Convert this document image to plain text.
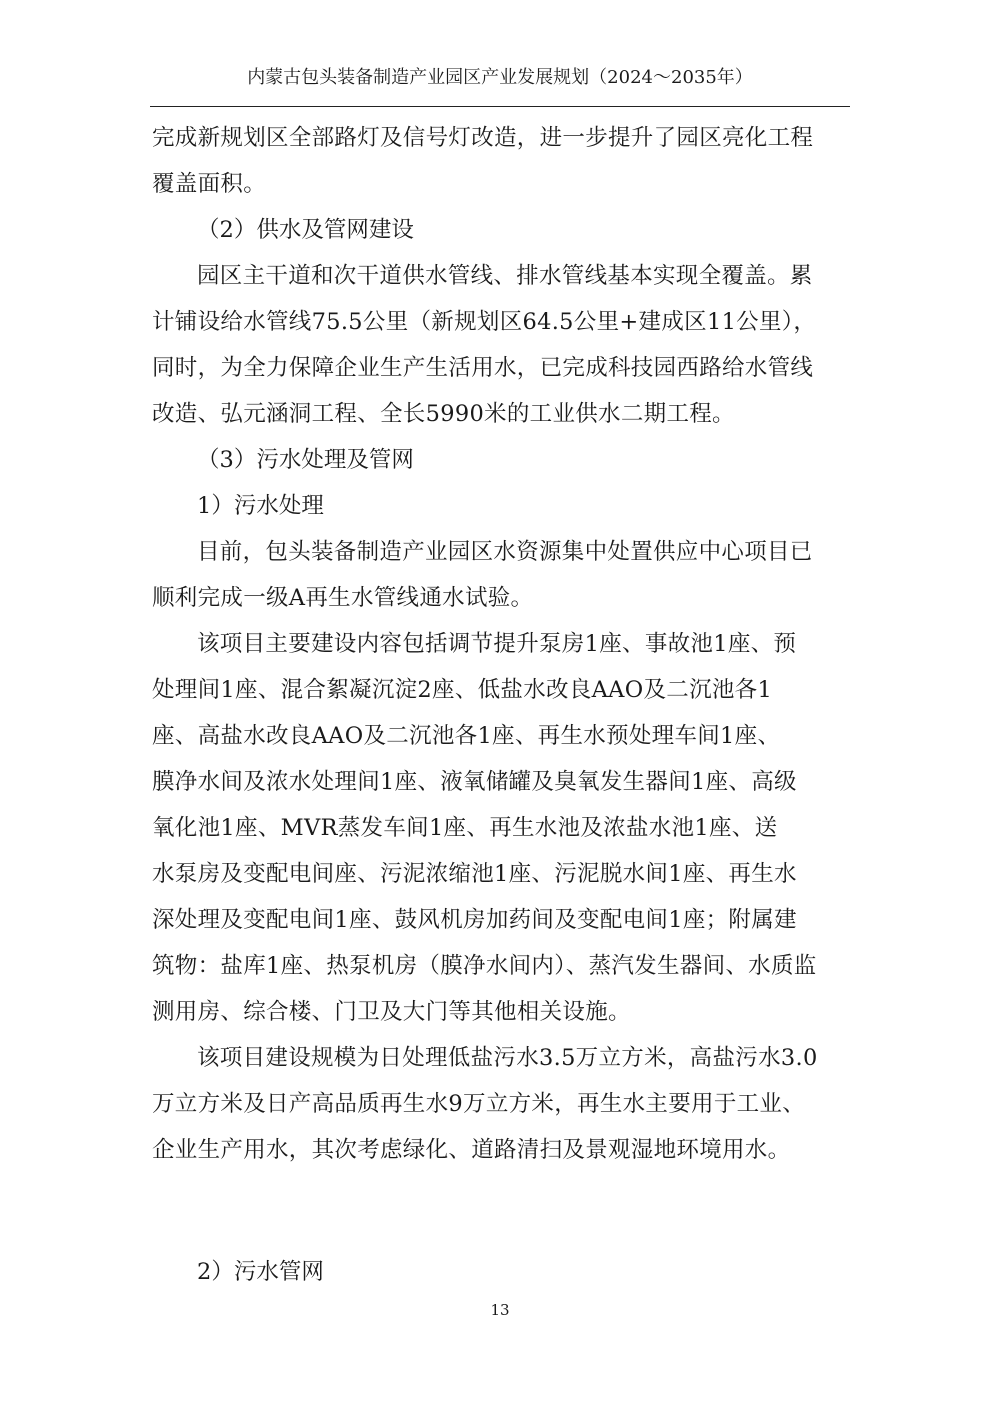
内蒙古包头装备制造产业园区产业发展规划（2024～2035年）
完成新规划区全部路灯及信号灯改造，进一步提升了园区亮化工程
覆盖面积。
（2）供水及管网建设
园区主干道和次干道供水管线、排水管线基本实现全覆盖。累
计铺设给水管线75.5公里（新规划区64.5公里+建成区11公里），
同时，为全力保障企业生产生活用水，已完成科技园西路给水管线
改造、弘元涵洞工程、全长5990米的工业供水二期工程。
（3）污水处理及管网
1）污水处理
目前，包头装备制造产业园区水资源集中处置供应中心项目已
顺利完成一级A再生水管线通水试验。
该项目主要建设内容包括调节提升泵房1座、事故池1座、预
处理间1座、混合絮凝沉淀2座、低盐水改良AAO及二沉池各1
座、高盐水改良AAO及二沉池各1座、再生水预处理车间1座、
膜净水间及浓水处理间1座、液氧储罐及臭氧发生器间1座、高级
氧化池1座、MVR蒸发车间1座、再生水池及浓盐水池1座、送
水泵房及变配电间座、污泥浓缩池1座、污泥脱水间1座、再生水
深处理及变配电间1座、鼓风机房加药间及变配电间1座；附属建
筑物：盐库1座、热泵机房（膜净水间内）、蒸汽发生器间、水质监
测用房、综合楼、门卫及大门等其他相关设施。
该项目建设规模为日处理低盐污水3.5万立方米，高盐污水3.0
万立方米及日产高品质再生水9万立方米，再生水主要用于工业、
企业生产用水，其次考虑绿化、道路清扫及景观湿地环境用水。
2）污水管网
13
